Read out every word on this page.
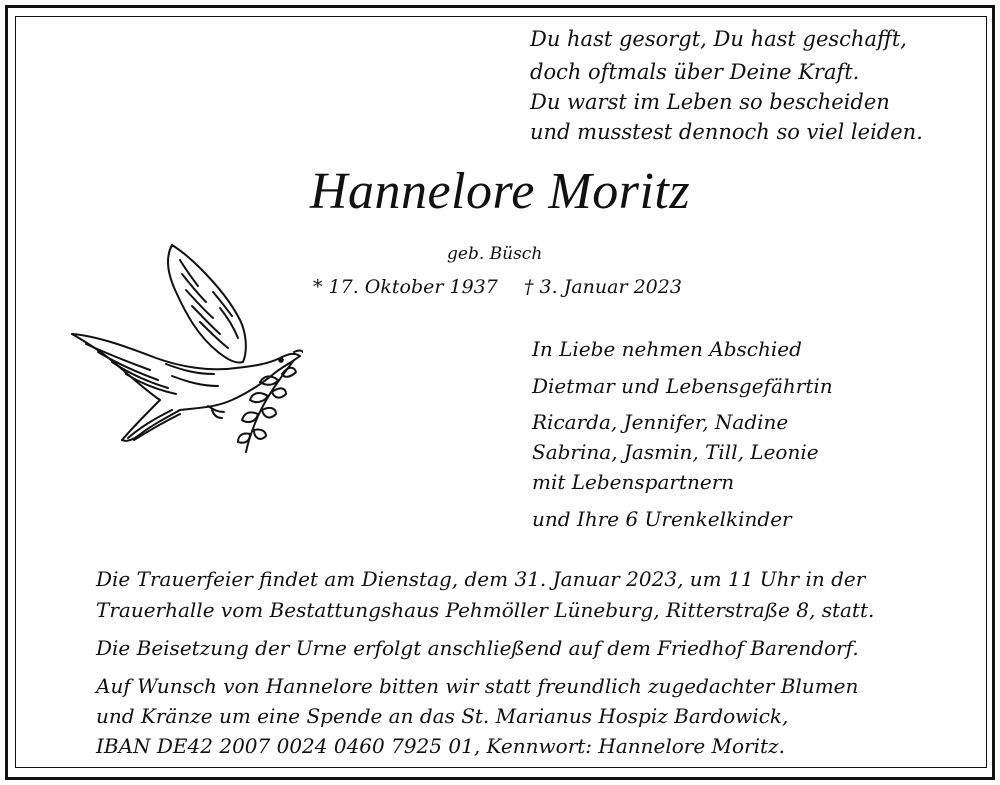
Du hast gesorgt, Du hast geschafft,
doch oftmals über Deine Kraft.
Du warst im Leben so bescheiden
und musstest dennoch so viel leiden.
Hannelore Moritz
geb. Büsch
* 17. Oktober 1937 † 3. Januar 2023
In Liebe nehmen Abschied
Dietmar und Lebensgefährtin
Ricarda, Jennifer, Nadine
Sabrina, Jasmin, Till, Leonie
mit Lebenspartnern
und Ihre 6 Urenkelkinder
Die Trauerfeier findet am Dienstag, dem 31. Januar 2023, um 11 Uhr in der
Trauerhalle vom Bestattungshaus Pehmöller Lüneburg, Ritterstraße 8, statt.
Die Beisetzung der Urne erfolgt anschließend auf dem Friedhof Barendorf.
Auf Wunsch von Hannelore bitten wir statt freundlich zugedachter Blumen
und Kränze um eine Spende an das St. Marianus Hospiz Bardowick,
IBAN DE42 2007 0024 0460 7925 01, Kennwort: Hannelore Moritz.
